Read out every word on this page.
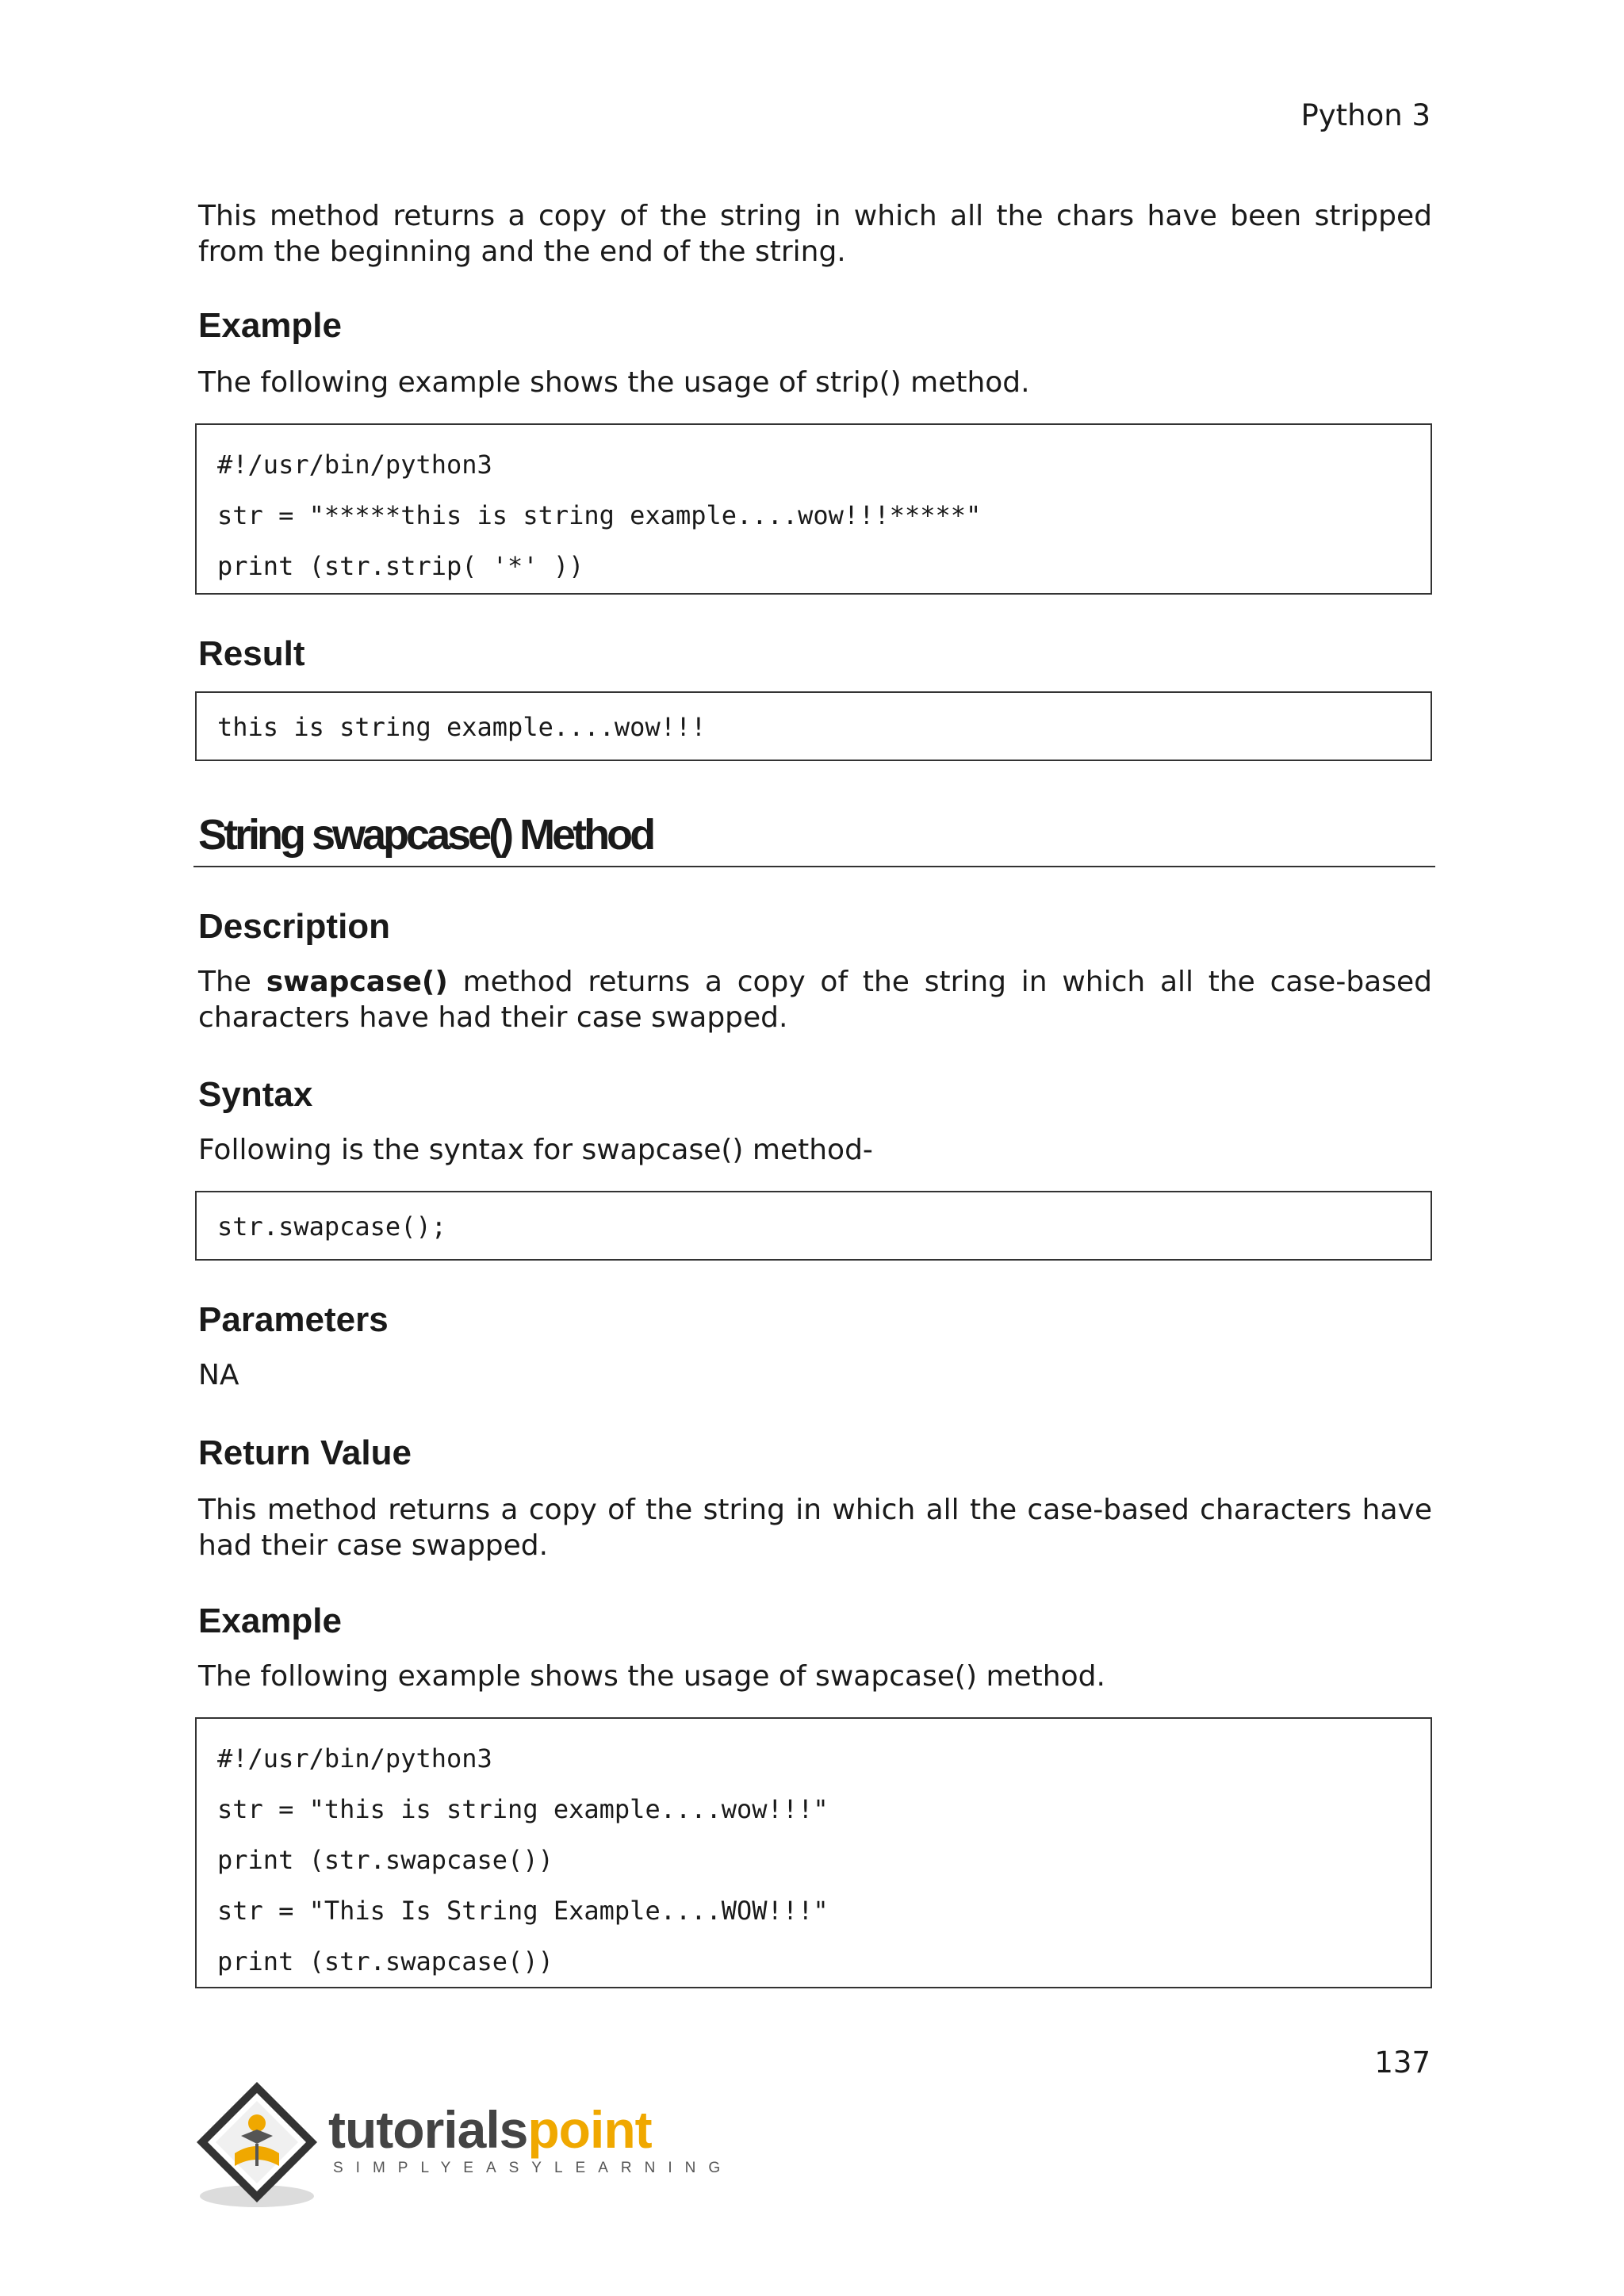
Python 3

This method returns a copy of the string in which all the chars have been stripped from the beginning and the end of the string.

Example

The following example shows the usage of strip() method.

#!/usr/bin/python3
str = "*****this is string example....wow!!!*****"
print (str.strip( '*' ))
Result
this is string example....wow!!!
String swapcase() Method
Description

The swapcase() method returns a copy of the string in which all the case-based characters have had their case swapped.

Syntax

Following is the syntax for swapcase() method-

str.swapcase();
Parameters

NA

Return Value

This method returns a copy of the string in which all the case-based characters have had their case swapped.

Example

The following example shows the usage of swapcase() method.

#!/usr/bin/python3
str = "this is string example....wow!!!"
print (str.swapcase())
str = "This Is String Example....WOW!!!"
print (str.swapcase())
137
tutorialspoint
SIMPLYEASYLEARNING
